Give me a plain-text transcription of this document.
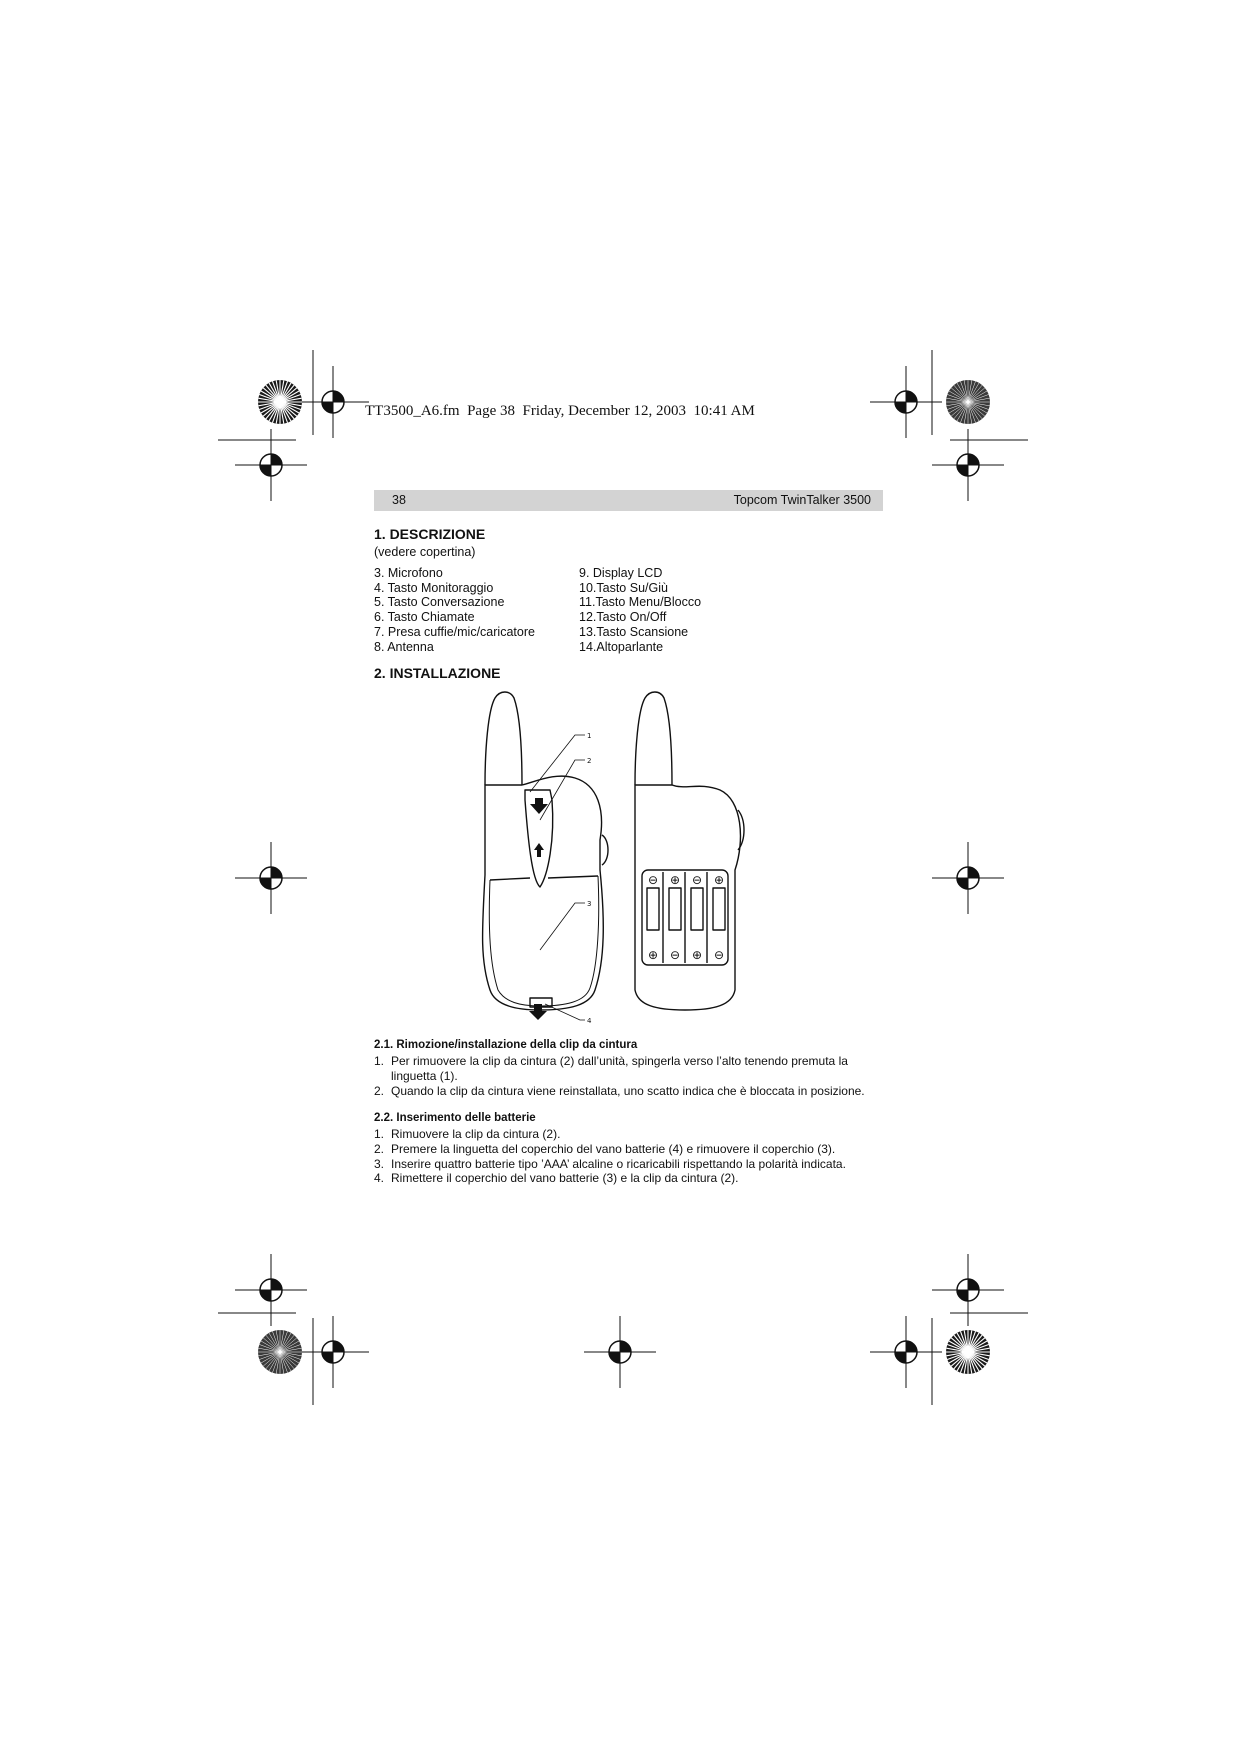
TT3500_A6.fm  Page 38  Friday, December 12, 2003  10:41 AM
38	Topcom TwinTalker 3500
1. DESCRIZIONE
(vedere copertina)
3. Microfono
4. Tasto Monitoraggio
5. Tasto Conversazione
6. Tasto Chiamate
7. Presa cuffie/mic/caricatore
8. Antenna
9. Display LCD
10.Tasto Su/Giù
11.Tasto Menu/Blocco
12.Tasto On/Off
13.Tasto Scansione
14.Altoparlante
2. INSTALLAZIONE
1
2
3
4
⊖ ⊕ ⊖ ⊕
⊕ ⊖ ⊕ ⊖
2.1. Rimozione/installazione della clip da cintura
1. Per rimuovere la clip da cintura (2) dall’unità, spingerla verso l’alto tenendo premuta la linguetta (1).
2. Quando la clip da cintura viene reinstallata, uno scatto indica che è bloccata in posizione.
2.2. Inserimento delle batterie
1. Rimuovere la clip da cintura (2).
2. Premere la linguetta del coperchio del vano batterie (4) e rimuovere il coperchio (3).
3. Inserire quattro batterie tipo ’AAA’ alcaline o ricaricabili rispettando la polarità indicata.
4. Rimettere il coperchio del vano batterie (3) e la clip da cintura (2).
